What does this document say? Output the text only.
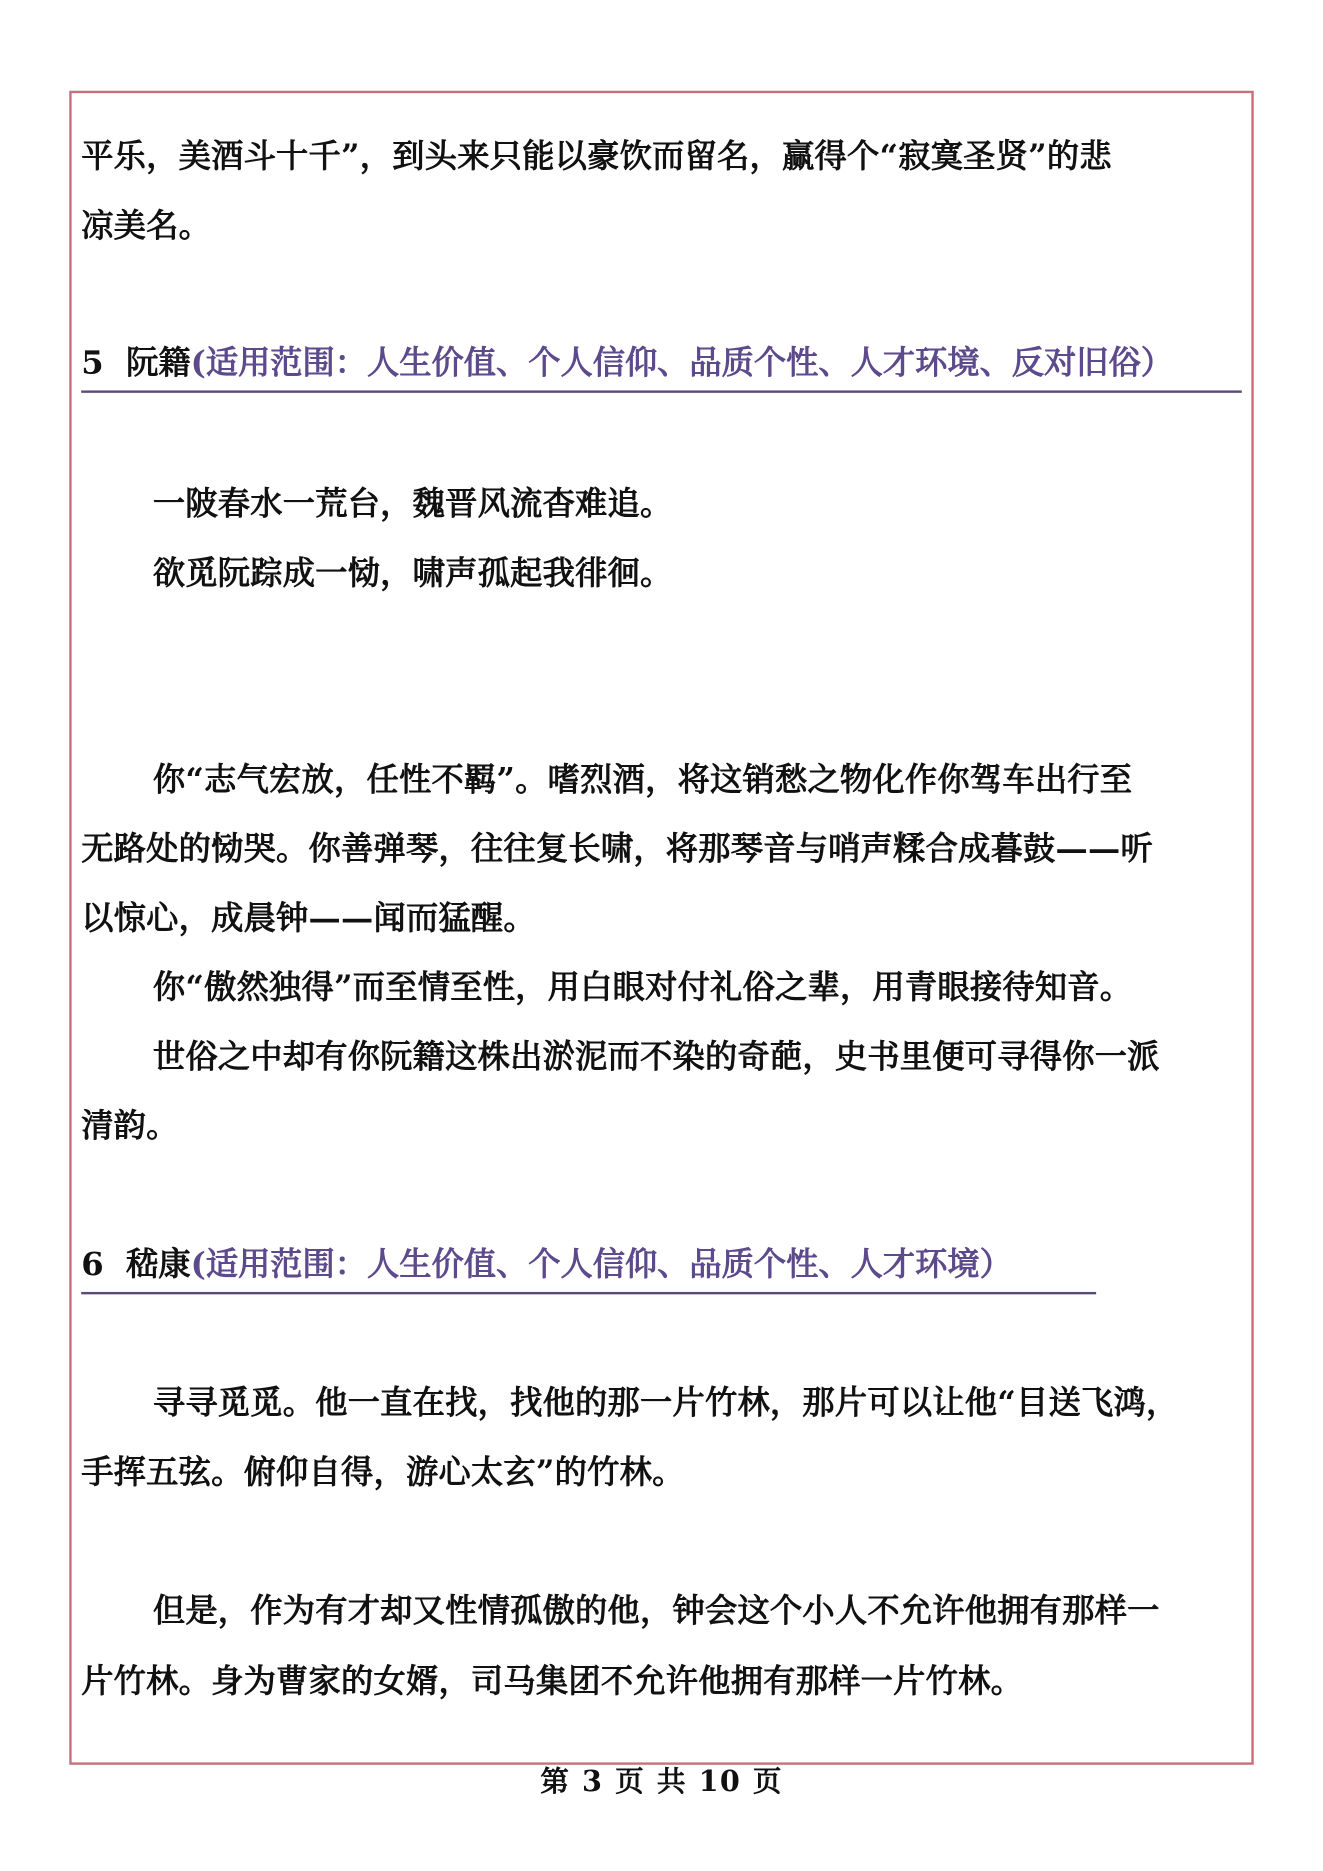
平乐，美酒斗十千”，到头来只能以豪饮而留名，赢得个“寂寞圣贤”的悲
凉美名。
5 阮籍(适用范围：人生价值、个人信仰、品质个性、人才环境、反对旧俗）
一陂春水一荒台，魏晋风流杳难追。
欲觅阮踪成一恸，啸声孤起我徘徊。
你“志气宏放，任性不羁”。嗜烈酒，将这销愁之物化作你驾车出行至
无路处的恸哭。你善弹琴，往往复长啸，将那琴音与哨声糅合成暮鼓——听
以惊心，成晨钟——闻而猛醒。
你“傲然独得”而至情至性，用白眼对付礼俗之辈，用青眼接待知音。
世俗之中却有你阮籍这株出淤泥而不染的奇葩，史书里便可寻得你一派
清韵。
6 嵇康(适用范围：人生价值、个人信仰、品质个性、人才环境）
寻寻觅觅。他一直在找，找他的那一片竹林，那片可以让他“目送飞鸿，
手挥五弦。俯仰自得，游心太玄”的竹林。
但是，作为有才却又性情孤傲的他，钟会这个小人不允许他拥有那样一
片竹林。身为曹家的女婿，司马集团不允许他拥有那样一片竹林。
第 3 页 共 10 页
